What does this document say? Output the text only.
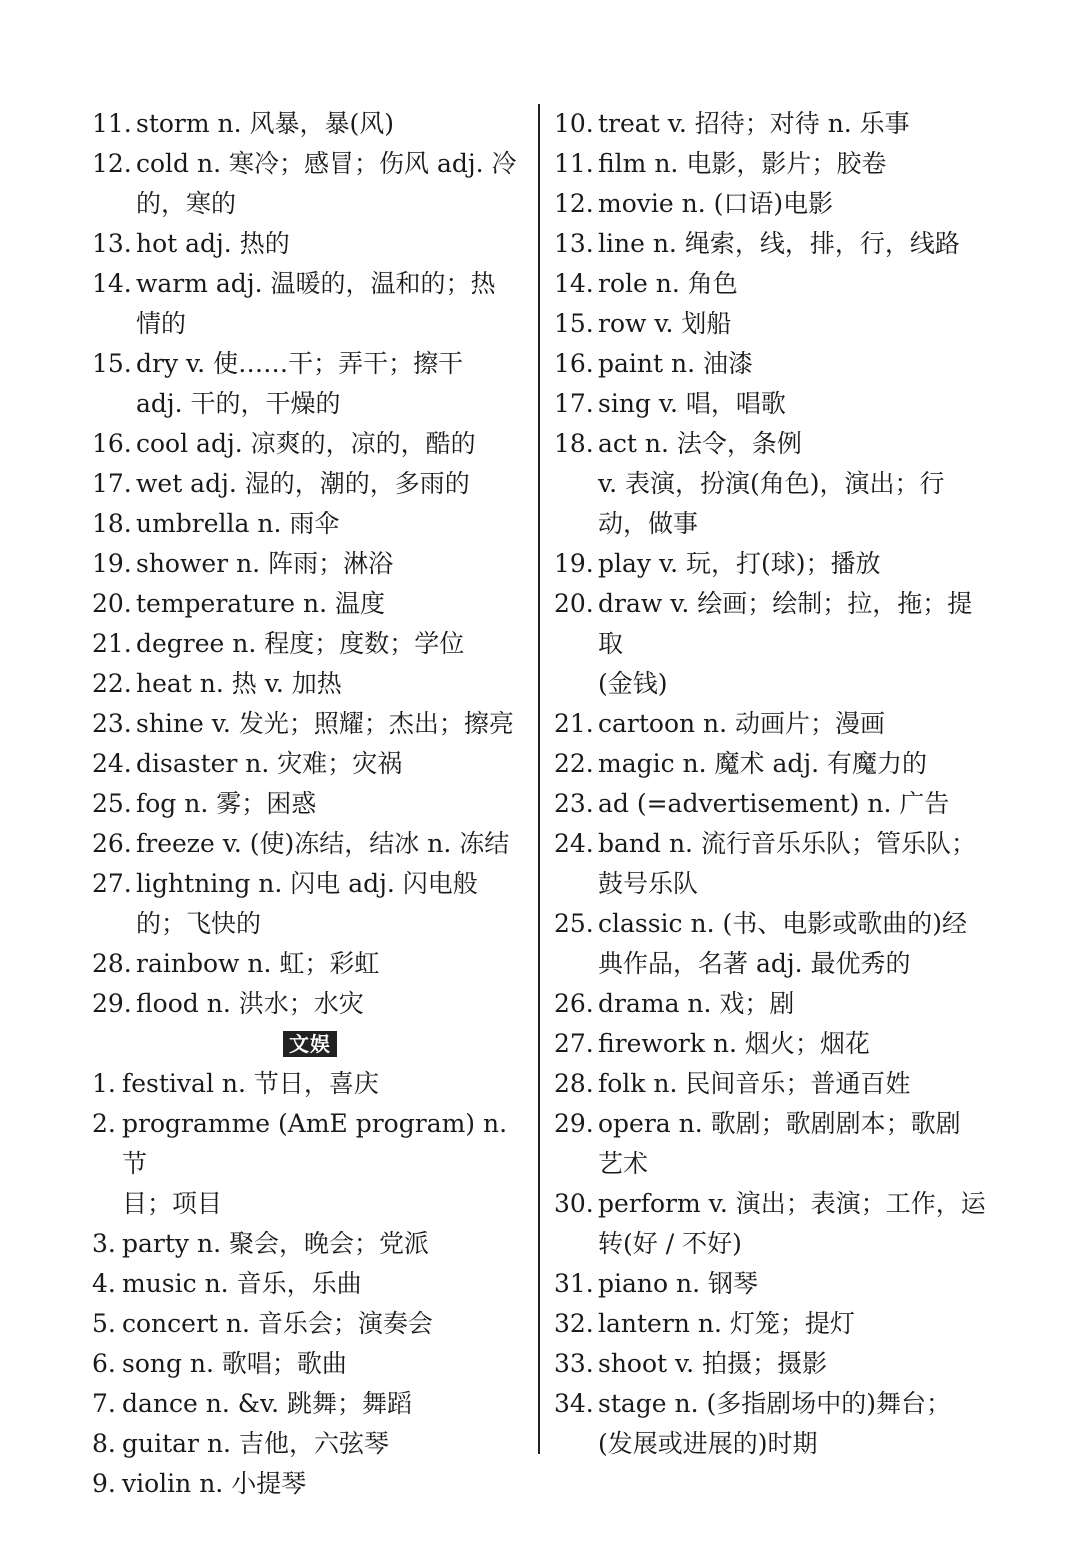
11. storm n. 风暴，暴(风)
12. cold n. 寒冷；感冒；伤风 adj. 冷
的，寒的
13. hot adj. 热的
14. warm adj. 温暖的，温和的；热
情的
15. dry v. 使……干；弄干；擦干
adj. 干的，干燥的
16. cool adj. 凉爽的，凉的，酷的
17. wet adj. 湿的，潮的，多雨的
18. umbrella n. 雨伞
19. shower n. 阵雨；淋浴
20. temperature n. 温度
21. degree n. 程度；度数；学位
22. heat n. 热 v. 加热
23. shine v. 发光；照耀；杰出；擦亮
24. disaster n. 灾难；灾祸
25. fog n. 雾；困惑
26. freeze v. (使)冻结，结冰 n. 冻结
27. lightning n. 闪电 adj. 闪电般
的；飞快的
28. rainbow n. 虹；彩虹
29. flood n. 洪水；水灾
文娱
1. festival n. 节日，喜庆
2. programme (AmE program) n. 节
目；项目
3. party n. 聚会，晚会；党派
4. music n. 音乐，乐曲
5. concert n. 音乐会；演奏会
6. song n. 歌唱；歌曲
7. dance n. &v. 跳舞；舞蹈
8. guitar n. 吉他，六弦琴
9. violin n. 小提琴
10. treat v. 招待；对待 n. 乐事
11. film n. 电影，影片；胶卷
12. movie n. (口语)电影
13. line n. 绳索，线，排，行，线路
14. role n. 角色
15. row v. 划船
16. paint n. 油漆
17. sing v. 唱，唱歌
18. act n. 法令，条例
v. 表演，扮演(角色)，演出；行
动，做事
19. play v. 玩，打(球)；播放
20. draw v. 绘画；绘制；拉，拖；提取
(金钱)
21. cartoon n. 动画片；漫画
22. magic n. 魔术 adj. 有魔力的
23. ad (=advertisement) n. 广告
24. band n. 流行音乐乐队；管乐队；
鼓号乐队
25. classic n. (书、电影或歌曲的)经
典作品，名著 adj. 最优秀的
26. drama n. 戏；剧
27. firework n. 烟火；烟花
28. folk n. 民间音乐；普通百姓
29. opera n. 歌剧；歌剧剧本；歌剧
艺术
30. perform v. 演出；表演；工作，运
转(好 / 不好)
31. piano n. 钢琴
32. lantern n. 灯笼；提灯
33. shoot v. 拍摄；摄影
34. stage n. (多指剧场中的)舞台；
(发展或进展的)时期
